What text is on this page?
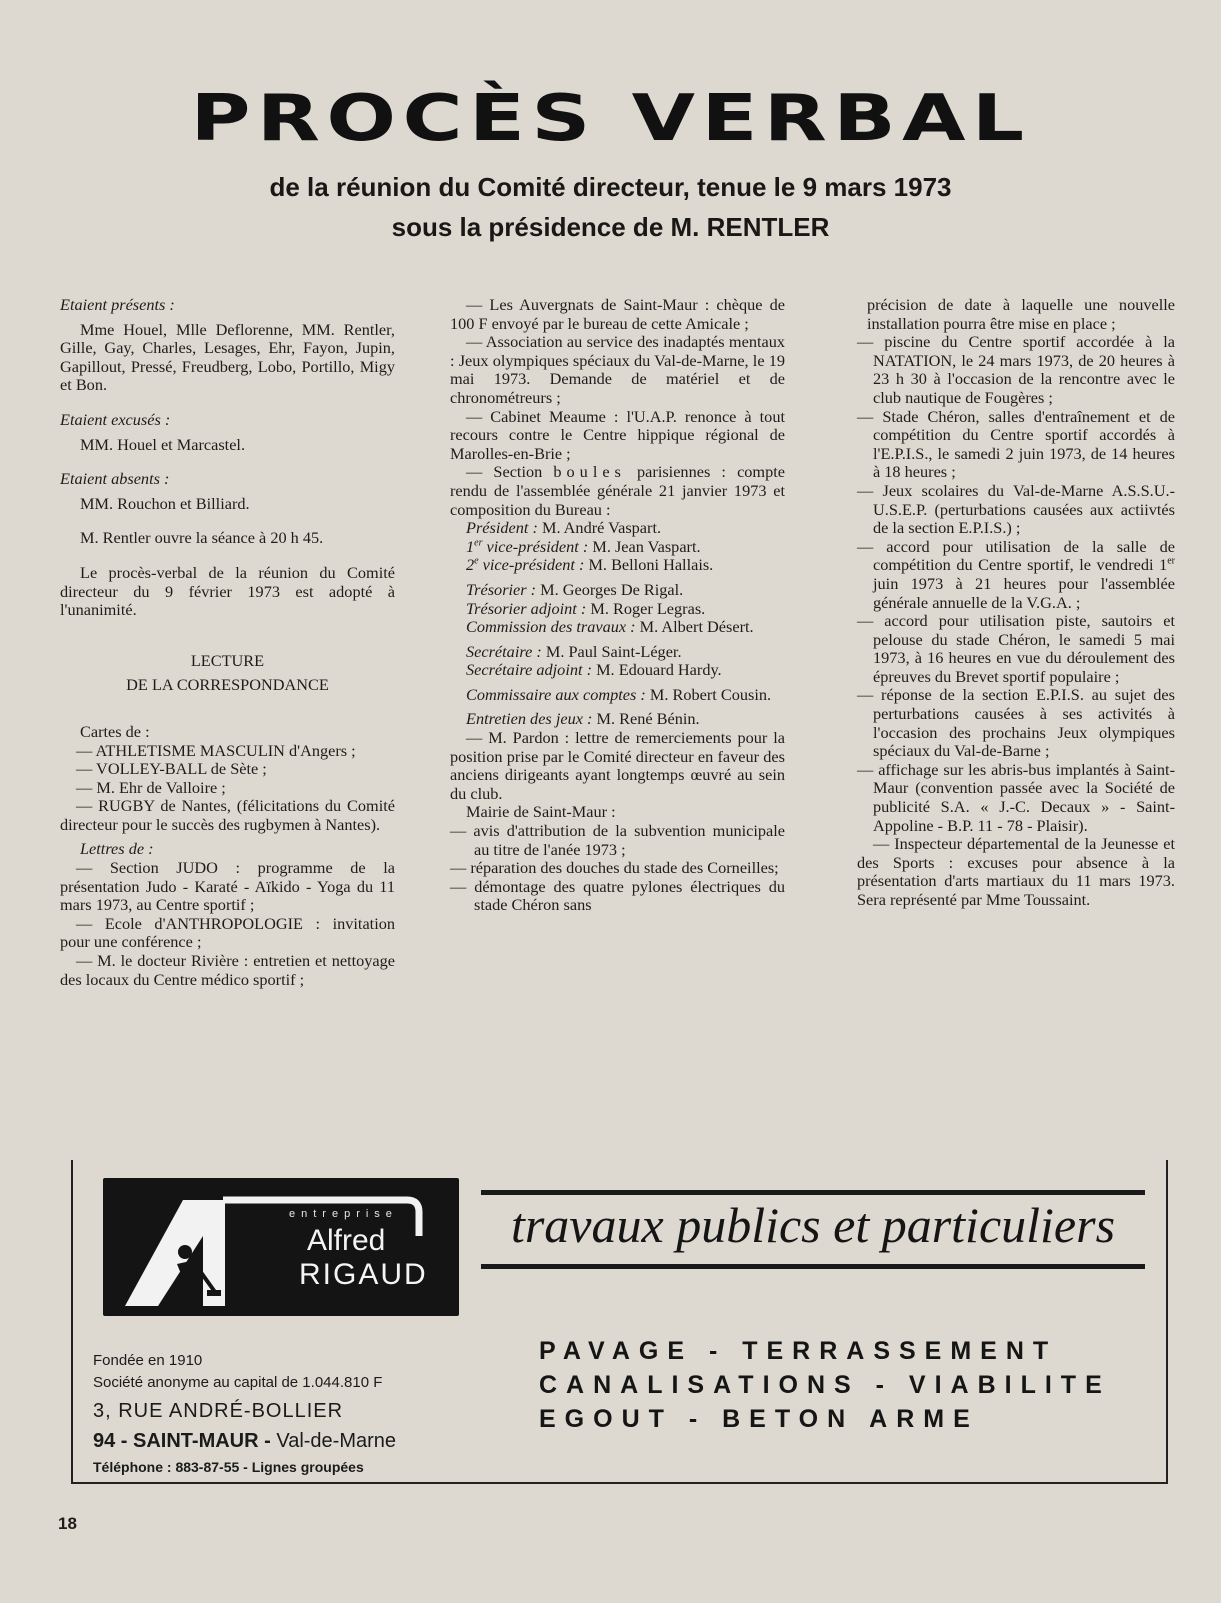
PROCÈS VERBAL

de la réunion du Comité directeur, tenue le 9 mars 1973

sous la présidence de M. RENTLER

Etaient présents :

Mme Houel, Mlle Deflorenne, MM. Rentler, Gille, Gay, Charles, Lesages, Ehr, Fayon, Jupin, Gapillout, Pressé, Freudberg, Lobo, Portillo, Migy et Bon.

Etaient excusés :

MM. Houel et Marcastel.

Etaient absents :

MM. Rouchon et Billiard.

M. Rentler ouvre la séance à 20 h 45.

Le procès-verbal de la réunion du Comité directeur du 9 février 1973 est adopté à l'unanimité.

LECTURE

DE LA CORRESPONDANCE

Cartes de :

— ATHLETISME MASCULIN d'Angers ;

— VOLLEY-BALL de Sète ;

— M. Ehr de Valloire ;

— RUGBY de Nantes, (félicitations du Comité directeur pour le succès des rugbymen à Nantes).

Lettres de :

— Section JUDO : programme de la présentation Judo - Karaté - Aïkido - Yoga du 11 mars 1973, au Centre sportif ;

— Ecole d'ANTHROPOLOGIE : invitation pour une conférence ;

— M. le docteur Rivière : entretien et nettoyage des locaux du Centre médico sportif ;

— Les Auvergnats de Saint-Maur : chèque de 100 F envoyé par le bureau de cette Amicale ;

— Association au service des inadaptés mentaux : Jeux olympiques spéciaux du Val-de-Marne, le 19 mai 1973. Demande de matériel et de chronométreurs ;

— Cabinet Meaume : l'U.A.P. renonce à tout recours contre le Centre hippique régional de Marolles-en-Brie ;

— Section boules parisiennes : compte rendu de l'assemblée générale 21 janvier 1973 et composition du Bureau :

Président : M. André Vaspart.

1er vice-président : M. Jean Vaspart.

2e vice-président : M. Belloni Hallais.

Trésorier : M. Georges De Rigal.

Trésorier adjoint : M. Roger Legras.

Commission des travaux : M. Albert Désert.

Secrétaire : M. Paul Saint-Léger.

Secrétaire adjoint : M. Edouard Hardy.

Commissaire aux comptes : M. Robert Cousin.

Entretien des jeux : M. René Bénin.

— M. Pardon : lettre de remerciements pour la position prise par le Comité directeur en faveur des anciens dirigeants ayant longtemps œuvré au sein du club.

Mairie de Saint-Maur :

— avis d'attribution de la subvention municipale au titre de l'anée 1973 ;

— réparation des douches du stade des Corneilles;

— démontage des quatre pylones électriques du stade Chéron sans

précision de date à laquelle une nouvelle installation pourra être mise en place ;

— piscine du Centre sportif accordée à la NATATION, le 24 mars 1973, de 20 heures à 23 h 30 à l'occasion de la rencontre avec le club nautique de Fougères ;

— Stade Chéron, salles d'entraînement et de compétition du Centre sportif accordés à l'E.P.I.S., le samedi 2 juin 1973, de 14 heures à 18 heures ;

— Jeux scolaires du Val-de-Marne A.S.S.U.-U.S.E.P. (perturbations causées aux actiivtés de la section E.P.I.S.) ;

— accord pour utilisation de la salle de compétition du Centre sportif, le vendredi 1er juin 1973 à 21 heures pour l'assemblée générale annuelle de la V.G.A. ;

— accord pour utilisation piste, sautoirs et pelouse du stade Chéron, le samedi 5 mai 1973, à 16 heures en vue du déroulement des épreuves du Brevet sportif populaire ;

— réponse de la section E.P.I.S. au sujet des perturbations causées à ses activités à l'occasion des prochains Jeux olympiques spéciaux du Val-de-Barne ;

— affichage sur les abris-bus implantés à Saint-Maur (convention passée avec la Société de publicité S.A. « J.-C. Decaux » - Saint-Appoline - B.P. 11 - 78 - Plaisir).

— Inspecteur départemental de la Jeunesse et des Sports : excuses pour absence à la présentation d'arts martiaux du 11 mars 1973. Sera représenté par Mme Toussaint.

entreprise
Alfred
RIGAUD
travaux publics et particuliers

Fondée en 1910

Société anonyme au capital de 1.044.810 F

3, RUE ANDRÉ-BOLLIER

94 - SAINT-MAUR - Val-de-Marne

Téléphone : 883-87-55 - Lignes groupées

PAVAGE - TERRASSEMENT

CANALISATIONS - VIABILITE

EGOUT - BETON ARME

18
